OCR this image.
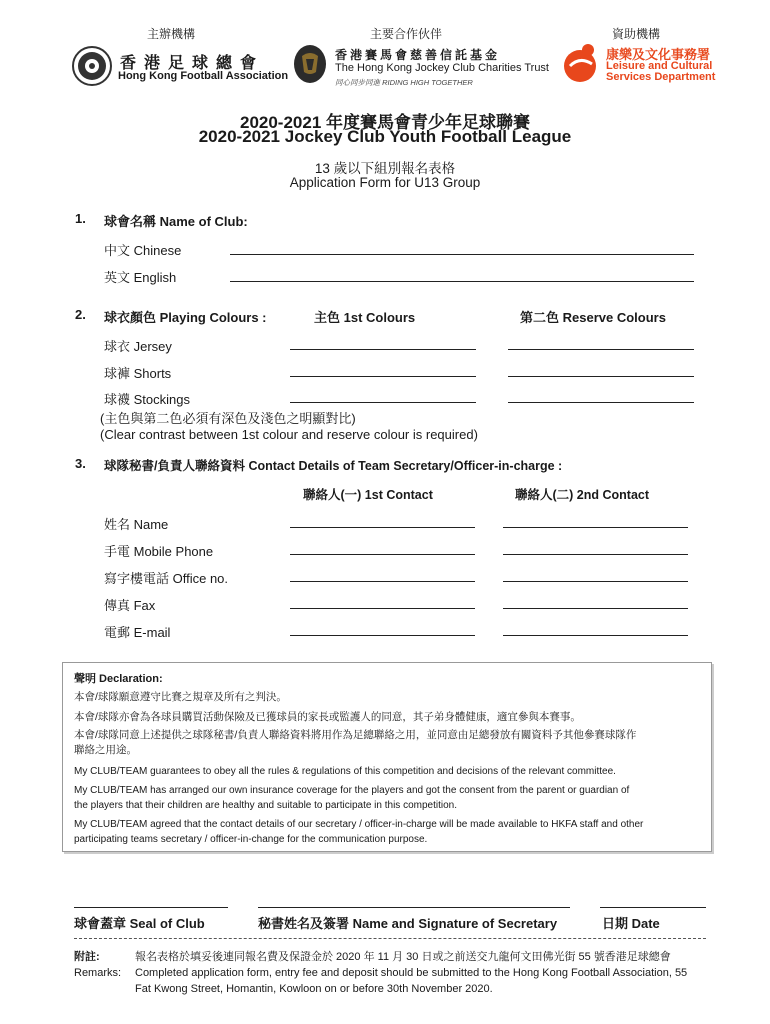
主辦機構	主要合作伙伴	資助機構
香 港 足 球 總 會
Hong Kong Football Association
香 港 賽 馬 會 慈 善 信 託 基 金
The Hong Kong Jockey Club Charities Trust
同心同步同進 RIDING HIGH TOGETHER
康樂及文化事務署
Leisure and Cultural
Services Department
2020-2021 年度賽馬會青少年足球聯賽
2020-2021 Jockey Club Youth Football League
13 歲以下組別報名表格
Application Form for U13 Group
1. 球會名稱 Name of Club:
中文 Chinese
英文 English
2. 球衣顏色 Playing Colours :	主色 1st Colours	第二色 Reserve Colours
球衣 Jersey
球褲 Shorts
球襪 Stockings
(主色與第二色必須有深色及淺色之明顯對比)
(Clear contrast between 1st colour and reserve colour is required)
3. 球隊秘書/負責人聯絡資料 Contact Details of Team Secretary/Officer-in-charge :
聯絡人(一) 1st Contact	聯絡人(二) 2nd Contact
姓名 Name
手電 Mobile Phone
寫字樓電話 Office no.
傳真 Fax
電郵 E-mail
聲明 Declaration:
本會/球隊願意遵守比賽之規章及所有之判決。
本會/球隊亦會為各球員購買活動保險及已獲球員的家長或監護人的同意，其子弟身體健康，適宜參與本賽事。
本會/球隊同意上述提供之球隊秘書/負責人聯絡資料將用作為足總聯絡之用，並同意由足總發放有關資料予其他參賽球隊作
聯絡之用途。
My CLUB/TEAM guarantees to obey all the rules & regulations of this competition and decisions of the relevant committee.
My CLUB/TEAM has arranged our own insurance coverage for the players and got the consent from the parent or guardian of
the players that their children are healthy and suitable to participate in this competition.
My CLUB/TEAM agreed that the contact details of our secretary / officer-in-charge will be made available to HKFA staff and other
participating teams secretary / officer-in-change for the communication purpose.
球會蓋章 Seal of Club	秘書姓名及簽署 Name and Signature of Secretary	日期 Date
附註:	報名表格於填妥後連同報名費及保證金於 2020 年 11 月 30 日或之前送交九龍何文田佛光街 55 號香港足球總會
Remarks: Completed application form, entry fee and deposit should be submitted to the Hong Kong Football Association, 55
Fat Kwong Street, Homantin, Kowloon on or before 30th November 2020.
